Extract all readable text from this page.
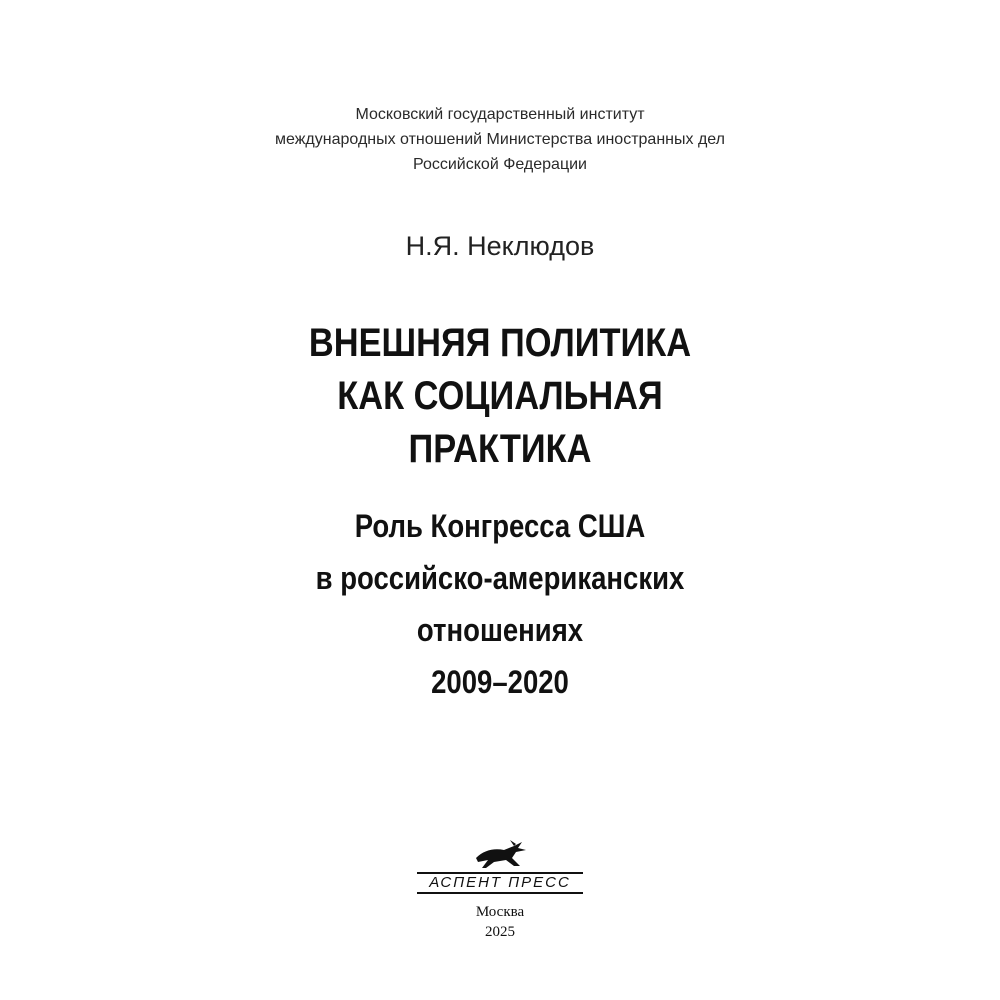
Московский государственный институт
международных отношений Министерства иностранных дел
Российской Федерации
Н.Я. Неклюдов
ВНЕШНЯЯ ПОЛИТИКА
КАК СОЦИАЛЬНАЯ
ПРАКТИКА
Роль Конгресса США
в российско-американских
отношениях
2009–2020
АСПЕНТ ПРЕСС
Москва
2025
